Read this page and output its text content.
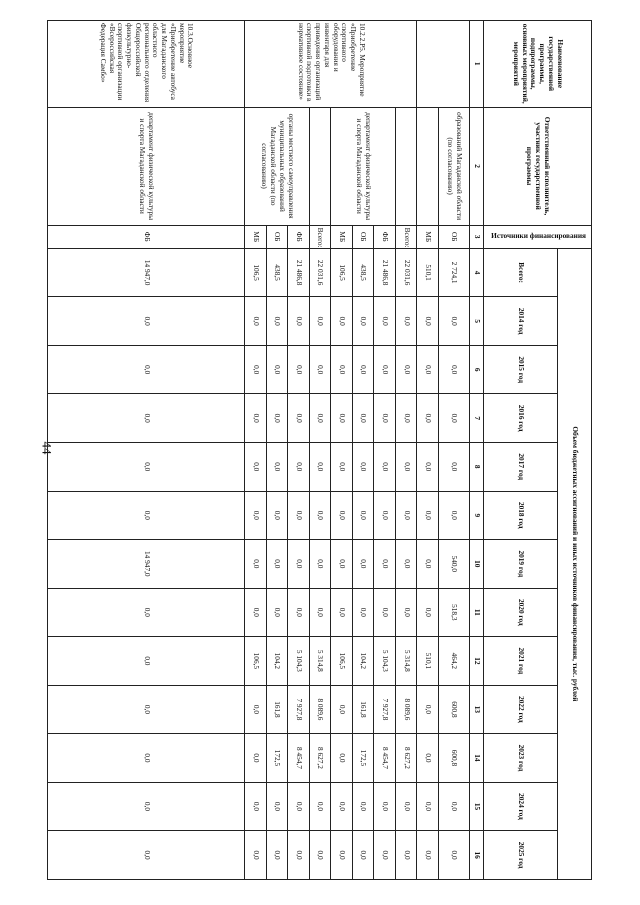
44
Наименование государственной программы, подпрограммы, основных мероприятий, мероприятий	Ответственный исполнитель, участник государственной программы	Источники финансирования	Объем бюджетных ассигнований и иных источников финансирования, тыс. рублей												
			Всего:	2014 год	2015 год	2016 год	2017 год	2018 год	2019 год	2020 год	2021 год	2022 год	2023 год	2024 год	2025 год
1	2	3	4	5	6	7	8	9	10	11	12	13	14	15	16
	образований Магаданской области (по согласованию)	ОБ	2 724,1	0,0	0,0	0,0	0,0	0,0	540,0	518,3	464,2	600,8	600,8	0,0	0,0
		МБ	510,1	0,0	0,0	0,0	0,0	0,0	0,0	0,0	510,1	0,0	0,0	0,0	0,0
10.2.2.Р5. Мероприятие «Приобретение спортивного оборудования и инвентаря для приведения организаций спортивной подготовки в нормативное состояние»		Всего:	22 031,6	0,0	0,0	0,0	0,0	0,0	0,0	0,0	5 314,8	8 089,6	8 627,2	0,0	0,0
	департамент физической культуры и спорта Магаданской области	ФБ	21 486,8	0,0	0,0	0,0	0,0	0,0	0,0	0,0	5 104,3	7 927,8	8 454,7	0,0	0,0
		ОБ	438,5	0,0	0,0	0,0	0,0	0,0	0,0	0,0	104,2	161,8	172,5	0,0	0,0
		МБ	106,5	0,0	0,0	0,0	0,0	0,0	0,0	0,0	106,5	0,0	0,0	0,0	0,0
		Всего:	22 031,6	0,0	0,0	0,0	0,0	0,0	0,0	0,0	5 314,8	8 089,6	8 627,2	0,0	0,0
	органы местного самоуправления муниципальных образований Магаданской области (по согласованию)	ФБ	21 486,8	0,0	0,0	0,0	0,0	0,0	0,0	0,0	5 104,3	7 927,8	8 454,7	0,0	0,0
		ОБ	438,5	0,0	0,0	0,0	0,0	0,0	0,0	0,0	104,2	161,8	172,5	0,0	0,0
		МБ	106,5	0,0	0,0	0,0	0,0	0,0	0,0	0,0	106,5	0,0	0,0	0,0	0,0
10.3.Основное мероприятие «Приобретение автобуса для Магаданского областного регионального отделения Общероссийской физкультурно-спортивной организации «Всероссийская Федерация Самбо»	департамент физической культуры и спорта Магаданской области	ФБ	14 947,0	0,0	0,0	0,0	0,0	0,0	14 947,0	0,0	0,0	0,0	0,0	0,0	0,0
